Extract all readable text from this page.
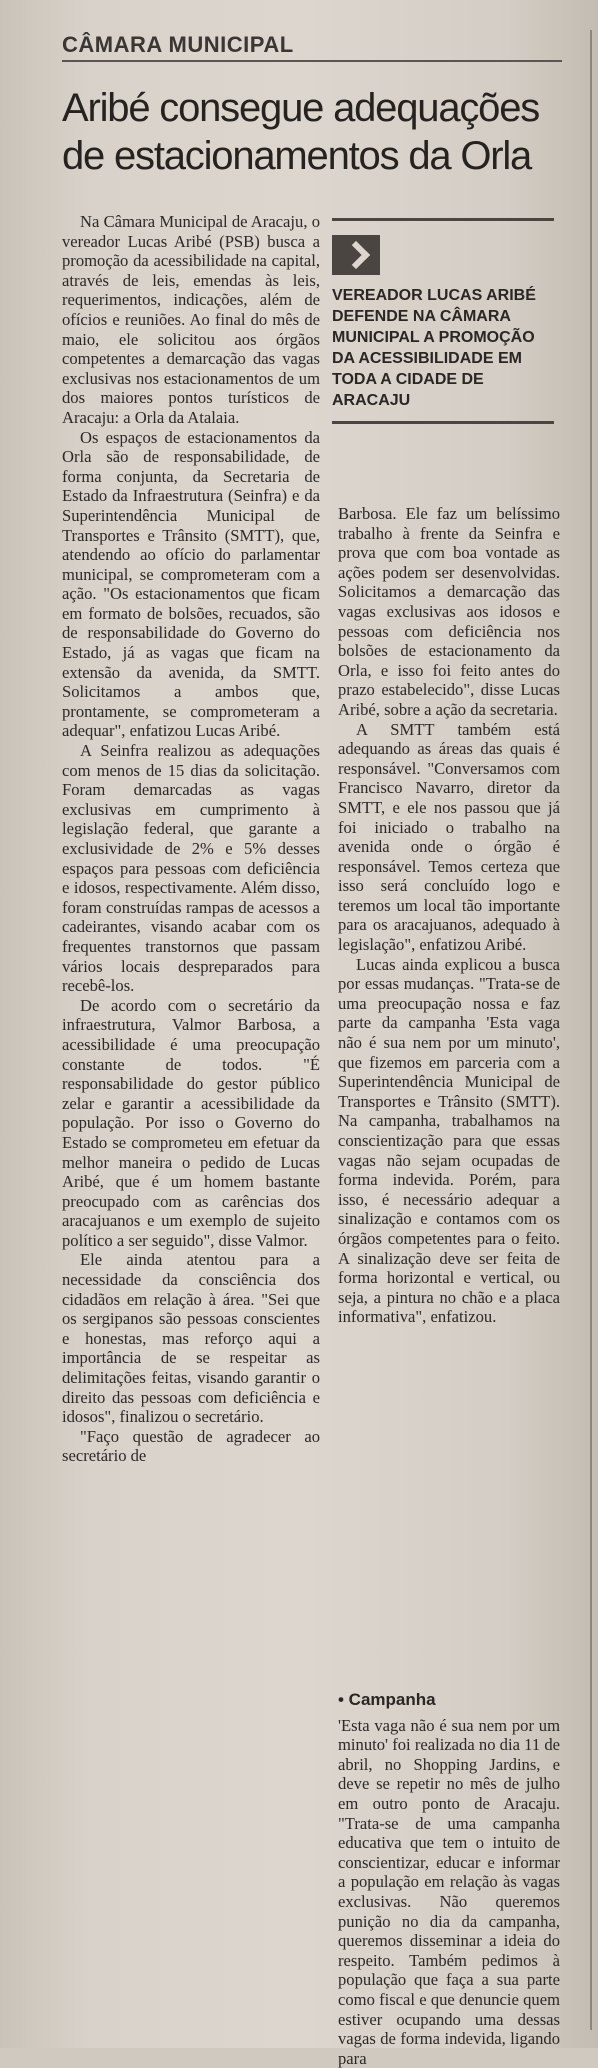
CÂMARA MUNICIPAL
Aribé consegue adequações de estacionamentos da Orla

Na Câmara Municipal de Aracaju, o vereador Lucas Aribé (PSB) busca a promoção da acessibilidade na capital, através de leis, emendas às leis, requerimentos, indicações, além de ofícios e reuniões. Ao final do mês de maio, ele solicitou aos órgãos competentes a demarcação das vagas exclusivas nos estacionamentos de um dos maiores pontos turísticos de Aracaju: a Orla da Atalaia.

Os espaços de estacionamentos da Orla são de responsabilidade, de forma conjunta, da Secretaria de Estado da Infraestrutura (Seinfra) e da Superintendência Municipal de Transportes e Trânsito (SMTT), que, atendendo ao ofício do parlamentar municipal, se comprometeram com a ação. "Os estacionamentos que ficam em formato de bolsões, recuados, são de responsabilidade do Governo do Estado, já as vagas que ficam na extensão da avenida, da SMTT. Solicitamos a ambos que, prontamente, se comprometeram a adequar", enfatizou Lucas Aribé.

A Seinfra realizou as adequações com menos de 15 dias da solicitação. Foram demarcadas as vagas exclusivas em cumprimento à legislação federal, que garante a exclusividade de 2% e 5% desses espaços para pessoas com deficiência e idosos, respectivamente. Além disso, foram construídas rampas de acessos a cadeirantes, visando acabar com os frequentes transtornos que passam vários locais despreparados para recebê-los.

De acordo com o secretário da infraestrutura, Valmor Barbosa, a acessibilidade é uma preocupação constante de todos. "É responsabilidade do gestor público zelar e garantir a acessibilidade da população. Por isso o Governo do Estado se comprometeu em efetuar da melhor maneira o pedido de Lucas Aribé, que é um homem bastante preocupado com as carências dos aracajuanos e um exemplo de sujeito político a ser seguido", disse Valmor.

Ele ainda atentou para a necessidade da consciência dos cidadãos em relação à área. "Sei que os sergipanos são pessoas conscientes e honestas, mas reforço aqui a importância de se respeitar as delimitações feitas, visando garantir o direito das pessoas com deficiência e idosos", finalizou o secretário.

"Faço questão de agradecer ao secretário de

VEREADOR LUCAS ARIBÉ DEFENDE NA CÂMARA MUNICIPAL A PROMOÇÃO DA ACESSIBILIDADE EM TODA A CIDADE DE ARACAJU

Barbosa. Ele faz um belíssimo trabalho à frente da Seinfra e prova que com boa vontade as ações podem ser desenvolvidas. Solicitamos a demarcação das vagas exclusivas aos idosos e pessoas com deficiência nos bolsões de estacionamento da Orla, e isso foi feito antes do prazo estabelecido", disse Lucas Aribé, sobre a ação da secretaria.

A SMTT também está adequando as áreas das quais é responsável. "Conversamos com Francisco Navarro, diretor da SMTT, e ele nos passou que já foi iniciado o trabalho na avenida onde o órgão é responsável. Temos certeza que isso será concluído logo e teremos um local tão importante para os aracajuanos, adequado à legislação", enfatizou Aribé.

Lucas ainda explicou a busca por essas mudanças. "Trata-se de uma preocupação nossa e faz parte da campanha 'Esta vaga não é sua nem por um minuto', que fizemos em parceria com a Superintendência Municipal de Transportes e Trânsito (SMTT). Na campanha, trabalhamos na conscientização para que essas vagas não sejam ocupadas de forma indevida. Porém, para isso, é necessário adequar a sinalização e contamos com os órgãos competentes para o feito. A sinalização deve ser feita de forma horizontal e vertical, ou seja, a pintura no chão e a placa informativa", enfatizou.

• Campanha

'Esta vaga não é sua nem por um minuto' foi realizada no dia 11 de abril, no Shopping Jardins, e deve se repetir no mês de julho em outro ponto de Aracaju. "Trata-se de uma campanha educativa que tem o intuito de conscientizar, educar e informar a população em relação às vagas exclusivas. Não queremos punição no dia da campanha, queremos disseminar a ideia do respeito. Também pedimos à população que faça a sua parte como fiscal e que denuncie quem estiver ocupando uma dessas vagas de forma indevida, ligando para
